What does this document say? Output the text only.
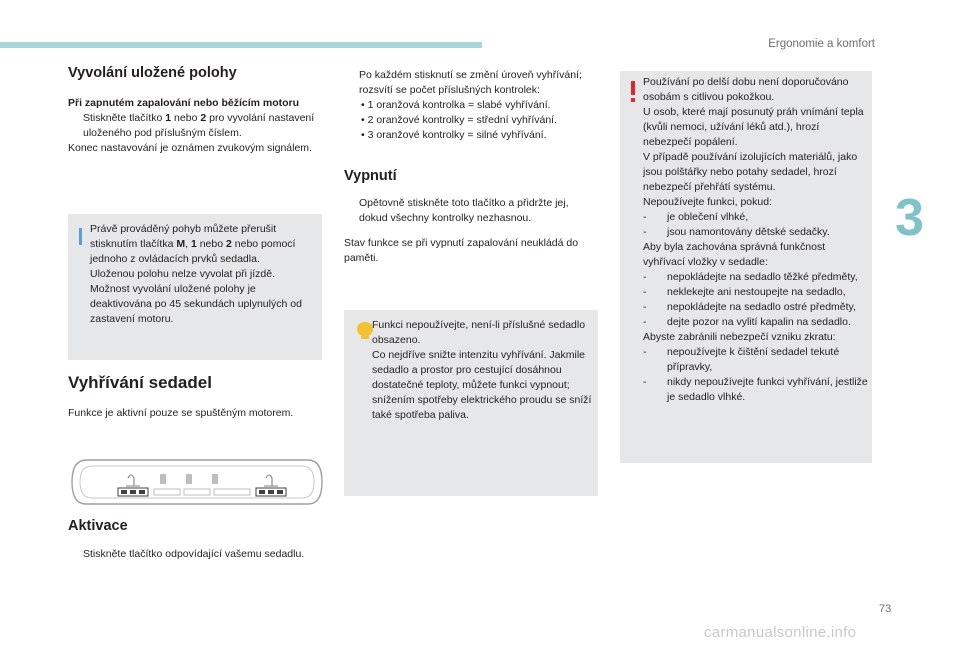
Ergonomie a komfort
3
73
carmanualsonline.info
Vyvolání uložené polohy

Při zapnutém zapalování nebo běžícím motoru

Stiskněte tlačítko 1 nebo 2 pro vyvolání nastavení uloženého pod příslušným číslem.

Konec nastavování je oznámen zvukovým signálem.

Právě prováděný pohyb můžete přerušit stisknutím tlačítka M, 1 nebo 2 nebo pomocí jednoho z ovládacích prvků sedadla.

Uloženou polohu nelze vyvolat při jízdě.

Možnost vyvolání uložené polohy je deaktivována po 45 sekundách uplynulých od zastavení motoru.

Vyhřívání sedadel

Funkce je aktivní pouze se spuštěným motorem.

Aktivace

Stiskněte tlačítko odpovídající vašemu sedadlu.

Po každém stisknutí se změní úroveň vyhřívání; rozsvítí se počet příslušných kontrolek:

• 1 oranžová kontrolka = slabé vyhřívání.

• 2 oranžové kontrolky = střední vyhřívání.

• 3 oranžové kontrolky = silné vyhřívání.

Vypnutí

Opětovně stiskněte toto tlačítko a přidržte jej, dokud všechny kontrolky nezhasnou.

Stav funkce se při vypnutí zapalování neukládá do paměti.

Funkci nepoužívejte, není-li příslušné sedadlo obsazeno.

Co nejdříve snižte intenzitu vyhřívání. Jakmile sedadlo a prostor pro cestující dosáhnou dostatečné teploty, můžete funkci vypnout; snížením spotřeby elektrického proudu se sníží také spotřeba paliva.

Používání po delší dobu není doporučováno osobám s citlivou pokožkou.

U osob, které mají posunutý práh vnímání tepla (kvůli nemoci, užívání léků atd.), hrozí nebezpečí popálení.

V případě používání izolujících materiálů, jako jsou polštářky nebo potahy sedadel, hrozí nebezpečí přehřátí systému.

Nepoužívejte funkci, pokud:

- je oblečení vlhké,

- jsou namontovány dětské sedačky.

Aby byla zachována správná funkčnost vyhřívací vložky v sedadle:

- nepokládejte na sedadlo těžké předměty,

- neklekejte ani nestoupejte na sedadlo,

- nepokládejte na sedadlo ostré předměty,

- dejte pozor na vylití kapalin na sedadlo.

Abyste zabránili nebezpečí vzniku zkratu:

- nepoužívejte k čištění sedadel tekuté přípravky,

- nikdy nepoužívejte funkci vyhřívání, jestliže je sedadlo vlhké.
